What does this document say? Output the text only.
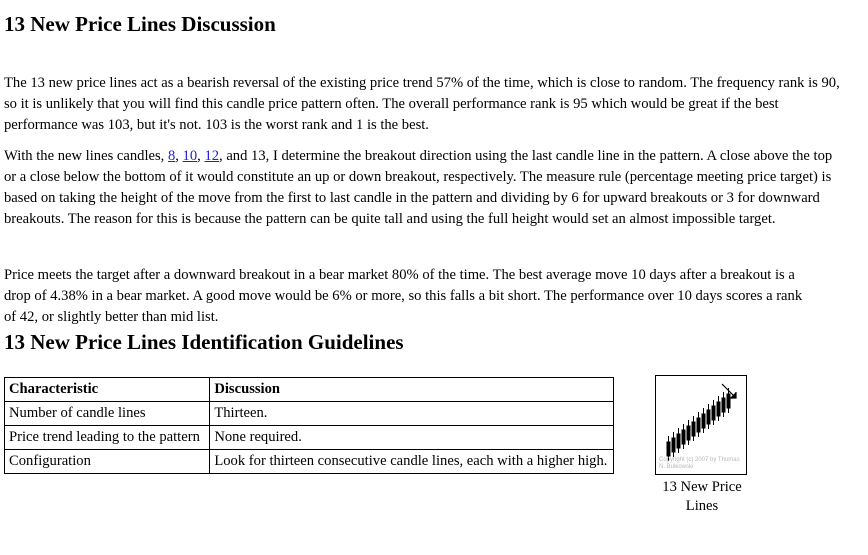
13 New Price Lines Discussion

The 13 new price lines act as a bearish reversal of the existing price trend 57% of the time, which is close to random. The frequency rank is 90, so it is unlikely that you will find this candle price pattern often. The overall performance rank is 95 which would be great if the best performance was 103, but it's not. 103 is the worst rank and 1 is the best.

With the new lines candles, 8, 10, 12, and 13, I determine the breakout direction using the last candle line in the pattern. A close above the top or a close below the bottom of it would constitute an up or down breakout, respectively. The measure rule (percentage meeting price target) is based on taking the height of the move from the first to last candle in the pattern and dividing by 6 for upward breakouts or 3 for downward breakouts. The reason for this is because the pattern can be quite tall and using the full height would set an almost impossible target.

Price meets the target after a downward breakout in a bear market 80% of the time. The best average move 10 days after a breakout is a drop of 4.38% in a bear market. A good move would be 6% or more, so this falls a bit short. The performance over 10 days scores a rank of 42, or slightly better than mid list.

13 New Price Lines Identification Guidelines
Characteristic	Discussion
Number of candle lines	Thirteen.
Price trend leading to the pattern	None required.
Configuration	Look for thirteen consecutive candle lines, each with a higher high.	Copyright (c) 2007 by Thomas N. Bulkowski
13 New Price Lines
